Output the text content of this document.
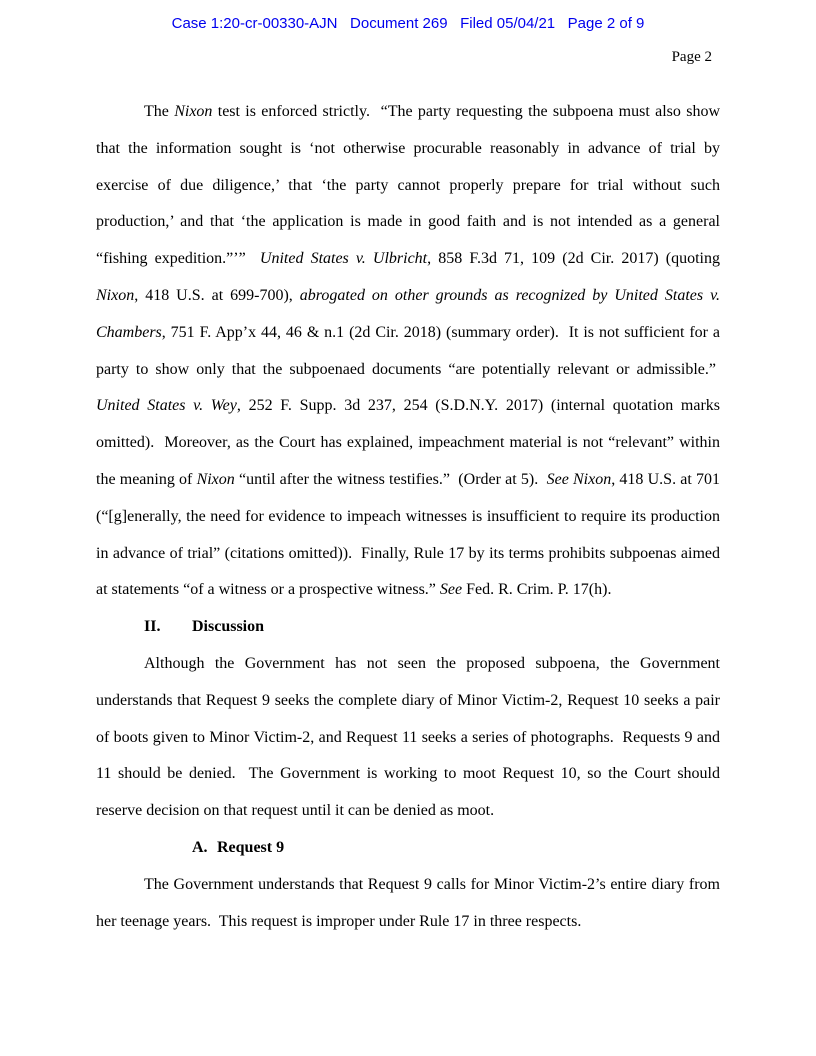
Case 1:20-cr-00330-AJN   Document 269   Filed 05/04/21   Page 2 of 9
Page 2

The Nixon test is enforced strictly.  “The party requesting the subpoena must also show that the information sought is ‘not otherwise procurable reasonably in advance of trial by exercise of due diligence,’ that ‘the party cannot properly prepare for trial without such production,’ and that ‘the application is made in good faith and is not intended as a general “fishing expedition.”’”  United States v. Ulbricht, 858 F.3d 71, 109 (2d Cir. 2017) (quoting Nixon, 418 U.S. at 699-700), abrogated on other grounds as recognized by United States v. Chambers, 751 F. App’x 44, 46 & n.1 (2d Cir. 2018) (summary order).  It is not sufficient for a party to show only that the subpoenaed documents “are potentially relevant or admissible.”  United States v. Wey, 252 F. Supp. 3d 237, 254 (S.D.N.Y. 2017) (internal quotation marks omitted).  Moreover, as the Court has explained, impeachment material is not “relevant” within the meaning of Nixon “until after the witness testifies.”  (Order at 5).  See Nixon, 418 U.S. at 701 (“[g]enerally, the need for evidence to impeach witnesses is insufficient to require its production in advance of trial” (citations omitted)).  Finally, Rule 17 by its terms prohibits subpoenas aimed at statements “of a witness or a prospective witness.” See Fed. R. Crim. P. 17(h).

II. Discussion

Although the Government has not seen the proposed subpoena, the Government understands that Request 9 seeks the complete diary of Minor Victim-2, Request 10 seeks a pair of boots given to Minor Victim-2, and Request 11 seeks a series of photographs.  Requests 9 and 11 should be denied.  The Government is working to moot Request 10, so the Court should reserve decision on that request until it can be denied as moot.

A. Request 9

The Government understands that Request 9 calls for Minor Victim-2’s entire diary from her teenage years.  This request is improper under Rule 17 in three respects.
